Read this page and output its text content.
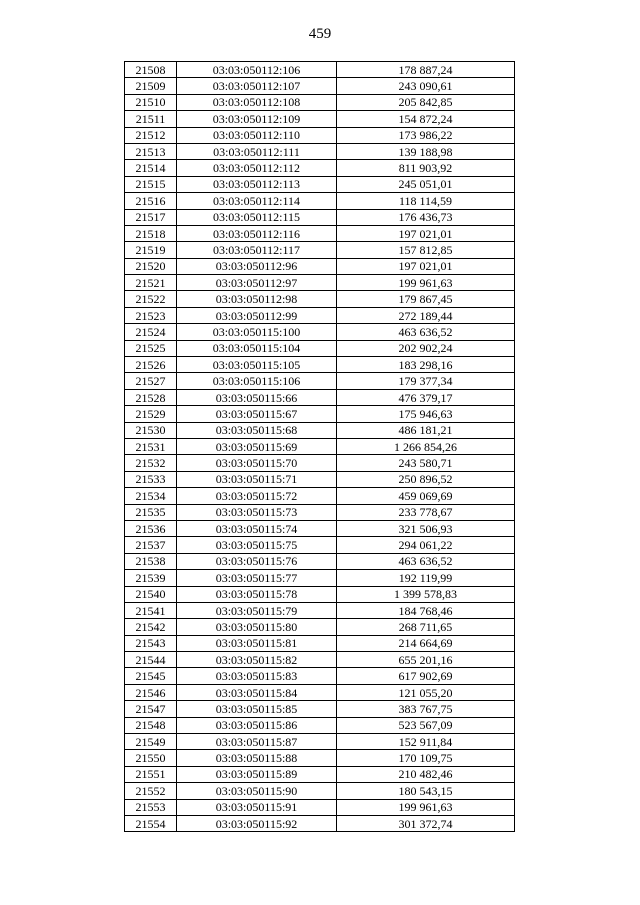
459
21508	03:03:050112:106	178 887,24
21509	03:03:050112:107	243 090,61
21510	03:03:050112:108	205 842,85
21511	03:03:050112:109	154 872,24
21512	03:03:050112:110	173 986,22
21513	03:03:050112:111	139 188,98
21514	03:03:050112:112	811 903,92
21515	03:03:050112:113	245 051,01
21516	03:03:050112:114	118 114,59
21517	03:03:050112:115	176 436,73
21518	03:03:050112:116	197 021,01
21519	03:03:050112:117	157 812,85
21520	03:03:050112:96	197 021,01
21521	03:03:050112:97	199 961,63
21522	03:03:050112:98	179 867,45
21523	03:03:050112:99	272 189,44
21524	03:03:050115:100	463 636,52
21525	03:03:050115:104	202 902,24
21526	03:03:050115:105	183 298,16
21527	03:03:050115:106	179 377,34
21528	03:03:050115:66	476 379,17
21529	03:03:050115:67	175 946,63
21530	03:03:050115:68	486 181,21
21531	03:03:050115:69	1 266 854,26
21532	03:03:050115:70	243 580,71
21533	03:03:050115:71	250 896,52
21534	03:03:050115:72	459 069,69
21535	03:03:050115:73	233 778,67
21536	03:03:050115:74	321 506,93
21537	03:03:050115:75	294 061,22
21538	03:03:050115:76	463 636,52
21539	03:03:050115:77	192 119,99
21540	03:03:050115:78	1 399 578,83
21541	03:03:050115:79	184 768,46
21542	03:03:050115:80	268 711,65
21543	03:03:050115:81	214 664,69
21544	03:03:050115:82	655 201,16
21545	03:03:050115:83	617 902,69
21546	03:03:050115:84	121 055,20
21547	03:03:050115:85	383 767,75
21548	03:03:050115:86	523 567,09
21549	03:03:050115:87	152 911,84
21550	03:03:050115:88	170 109,75
21551	03:03:050115:89	210 482,46
21552	03:03:050115:90	180 543,15
21553	03:03:050115:91	199 961,63
21554	03:03:050115:92	301 372,74
